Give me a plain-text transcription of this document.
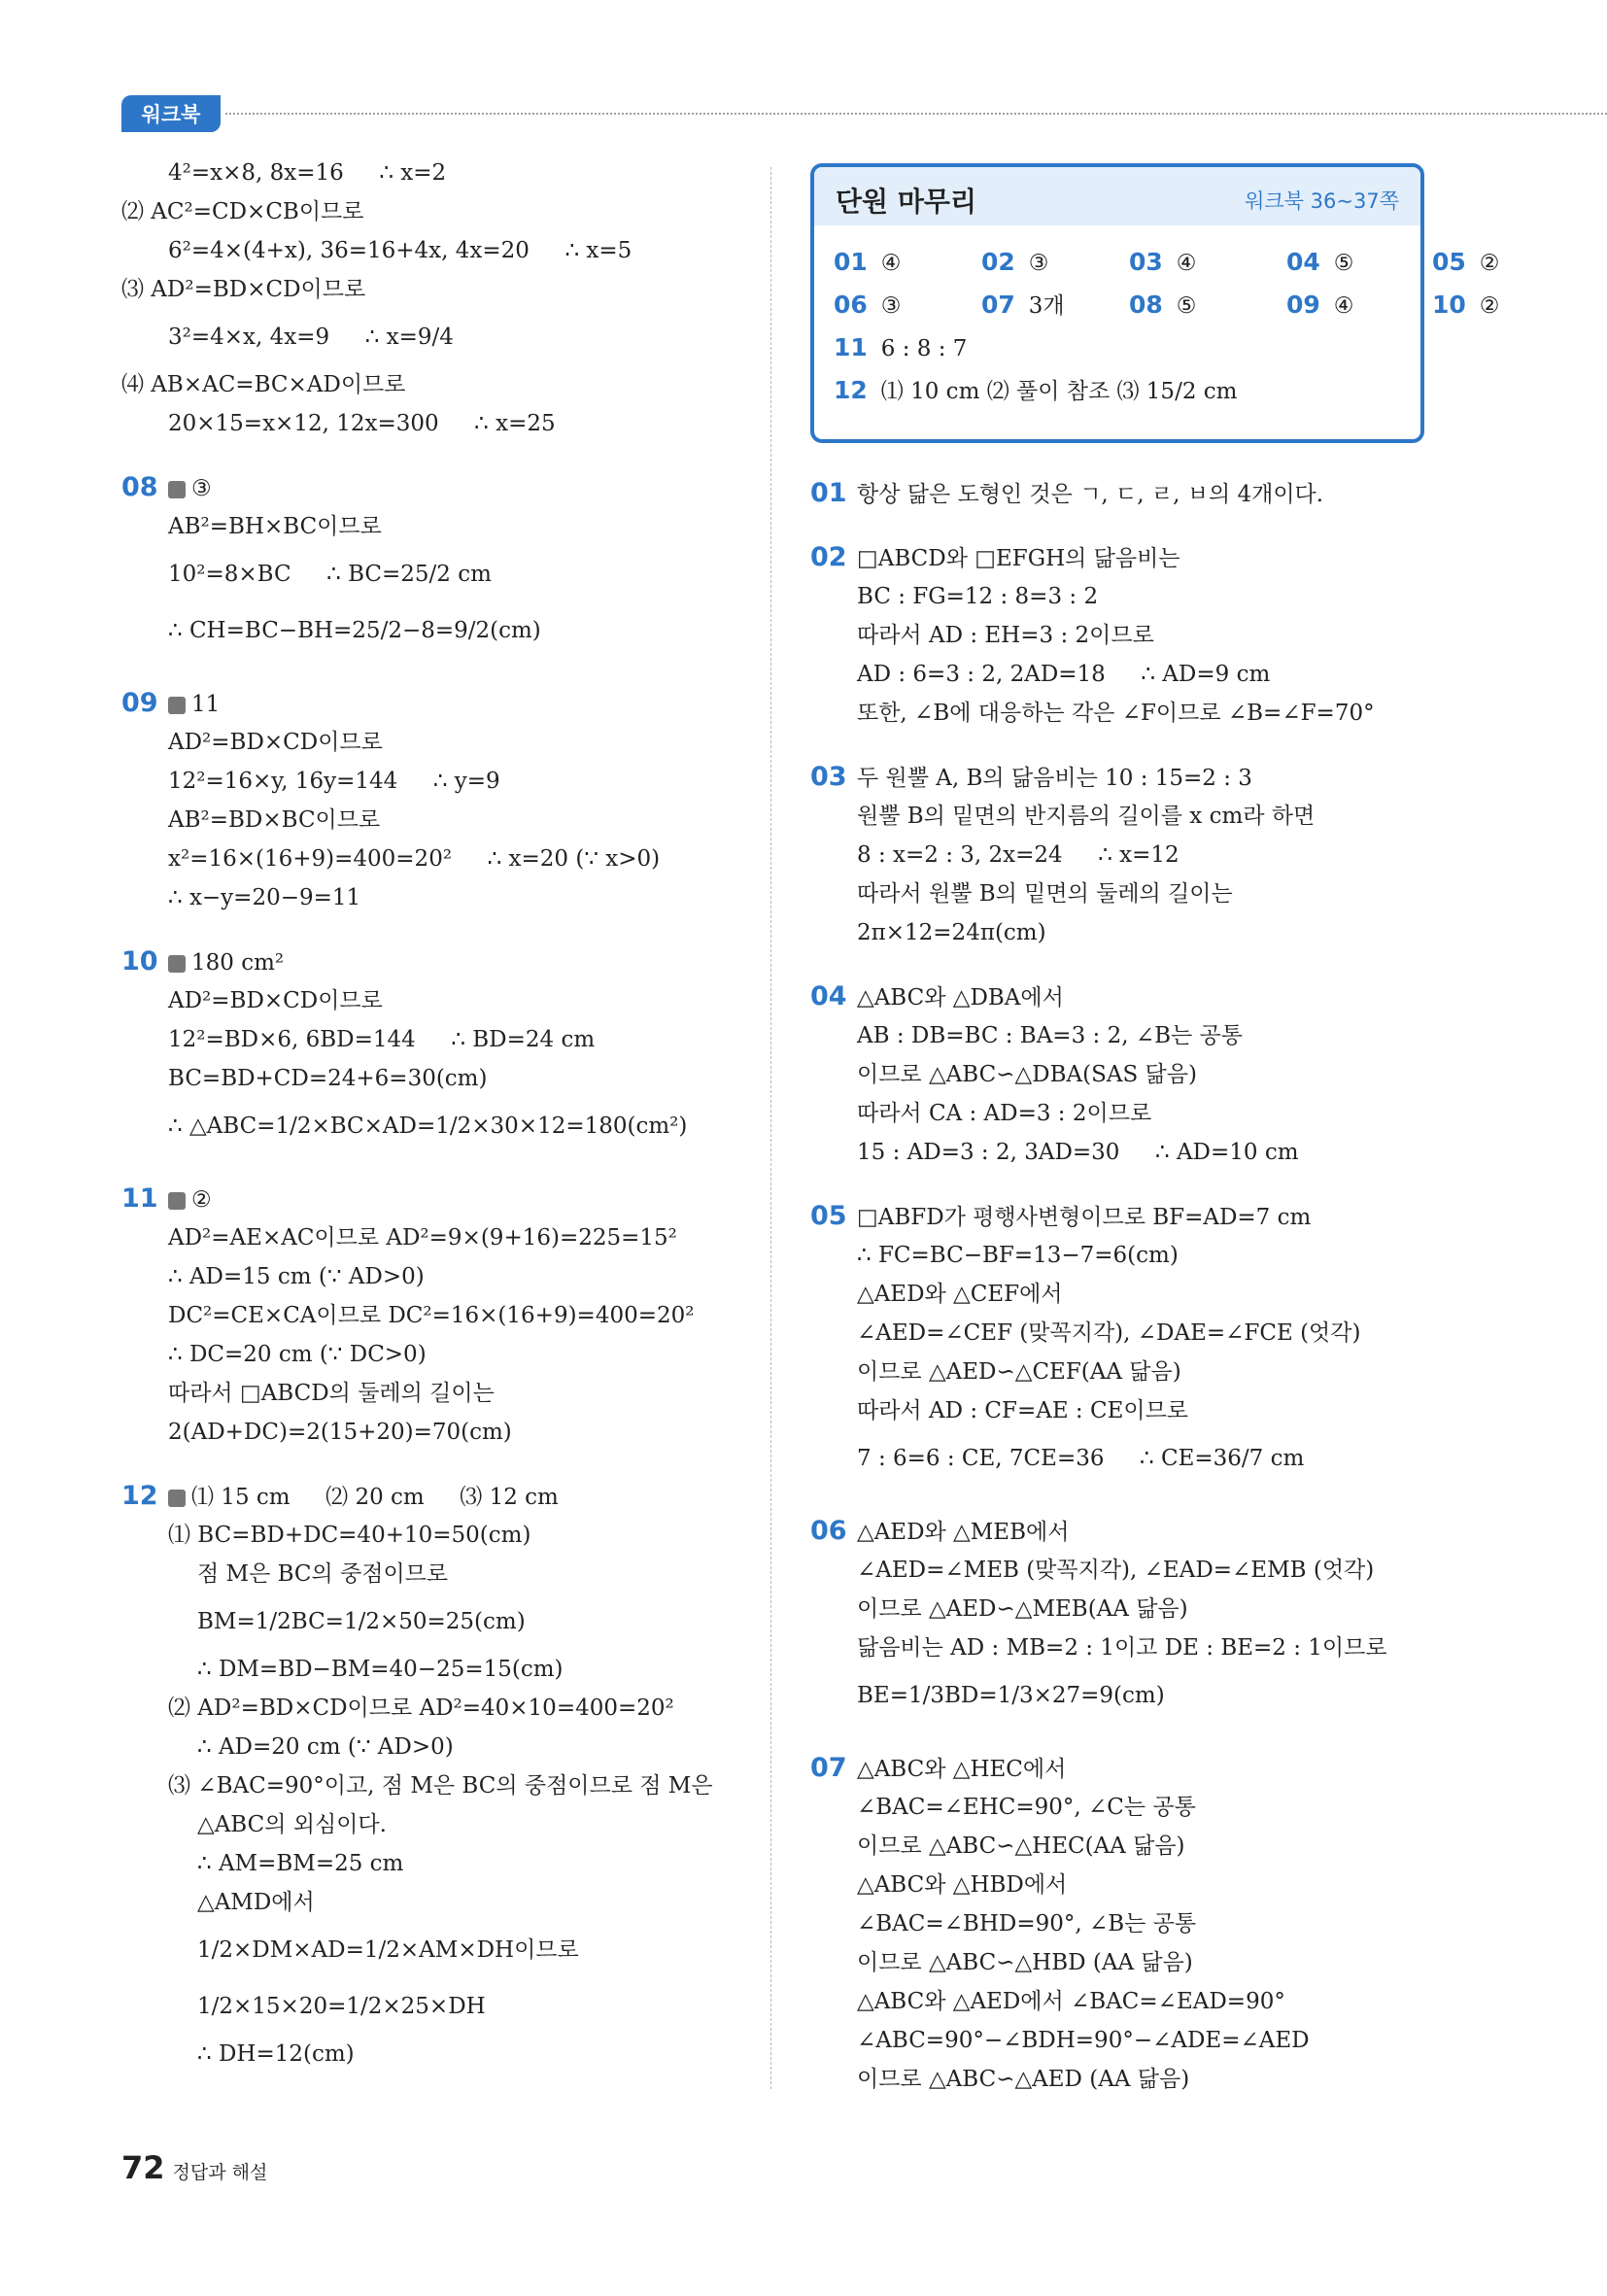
워크북
4²=x×8, 8x=16     ∴ x=2
⑵ AC²=CD×CB이므로
6²=4×(4+x), 36=16+4x, 4x=20     ∴ x=5
⑶ AD²=BD×CD이므로
3²=4×x, 4x=9     ∴ x=9/4
⑷ AB×AC=BC×AD이므로
20×15=x×12, 12x=300     ∴ x=25
08 ③
AB²=BH×BC이므로
10²=8×BC     ∴ BC=25/2 cm
∴ CH=BC−BH=25/2−8=9/2(cm)
09 11
AD²=BD×CD이므로
12²=16×y, 16y=144     ∴ y=9
AB²=BD×BC이므로
x²=16×(16+9)=400=20²     ∴ x=20 (∵ x>0)
∴ x−y=20−9=11
10 180 cm²
AD²=BD×CD이므로
12²=BD×6, 6BD=144     ∴ BD=24 cm
BC=BD+CD=24+6=30(cm)
∴ △ABC=1/2×BC×AD=1/2×30×12=180(cm²)
11 ②
AD²=AE×AC이므로 AD²=9×(9+16)=225=15²
∴ AD=15 cm (∵ AD>0)
DC²=CE×CA이므로 DC²=16×(16+9)=400=20²
∴ DC=20 cm (∵ DC>0)
따라서 □ABCD의 둘레의 길이는
2(AD+DC)=2(15+20)=70(cm)
12 ⑴ 15 cm     ⑵ 20 cm     ⑶ 12 cm
⑴ BC=BD+DC=40+10=50(cm)
점 M은 BC의 중점이므로
BM=1/2BC=1/2×50=25(cm)
∴ DM=BD−BM=40−25=15(cm)
⑵ AD²=BD×CD이므로 AD²=40×10=400=20²
∴ AD=20 cm (∵ AD>0)
⑶ ∠BAC=90°이고, 점 M은 BC의 중점이므로 점 M은
△ABC의 외심이다.
∴ AM=BM=25 cm
△AMD에서
1/2×DM×AD=1/2×AM×DH이므로
1/2×15×20=1/2×25×DH
∴ DH=12(cm)
단원 마무리	워크북 36~37쪽
01 ④	02 ③	03 ④	04 ⑤	05 ②
06 ③	07 3개	08 ⑤	09 ④	10 ②
11 6 : 8 : 7
12 ⑴ 10 cm ⑵ 풀이 참조 ⑶ 15/2 cm
01 항상 닮은 도형인 것은 ㄱ, ㄷ, ㄹ, ㅂ의 4개이다.
02 □ABCD와 □EFGH의 닮음비는
BC : FG=12 : 8=3 : 2
따라서 AD : EH=3 : 2이므로
AD : 6=3 : 2, 2AD=18     ∴ AD=9 cm
또한, ∠B에 대응하는 각은 ∠F이므로 ∠B=∠F=70°
03 두 원뿔 A, B의 닮음비는 10 : 15=2 : 3
원뿔 B의 밑면의 반지름의 길이를 x cm라 하면
8 : x=2 : 3, 2x=24     ∴ x=12
따라서 원뿔 B의 밑면의 둘레의 길이는
2π×12=24π(cm)
04 △ABC와 △DBA에서
AB : DB=BC : BA=3 : 2, ∠B는 공통
이므로 △ABC∽△DBA(SAS 닮음)
따라서 CA : AD=3 : 2이므로
15 : AD=3 : 2, 3AD=30     ∴ AD=10 cm
05 □ABFD가 평행사변형이므로 BF=AD=7 cm
∴ FC=BC−BF=13−7=6(cm)
△AED와 △CEF에서
∠AED=∠CEF (맞꼭지각), ∠DAE=∠FCE (엇각)
이므로 △AED∽△CEF(AA 닮음)
따라서 AD : CF=AE : CE이므로
7 : 6=6 : CE, 7CE=36     ∴ CE=36/7 cm
06 △AED와 △MEB에서
∠AED=∠MEB (맞꼭지각), ∠EAD=∠EMB (엇각)
이므로 △AED∽△MEB(AA 닮음)
닮음비는 AD : MB=2 : 1이고 DE : BE=2 : 1이므로
BE=1/3BD=1/3×27=9(cm)
07 △ABC와 △HEC에서
∠BAC=∠EHC=90°, ∠C는 공통
이므로 △ABC∽△HEC(AA 닮음)
△ABC와 △HBD에서
∠BAC=∠BHD=90°, ∠B는 공통
이므로 △ABC∽△HBD (AA 닮음)
△ABC와 △AED에서 ∠BAC=∠EAD=90°
∠ABC=90°−∠BDH=90°−∠ADE=∠AED
이므로 △ABC∽△AED (AA 닮음)
72 정답과 해설
